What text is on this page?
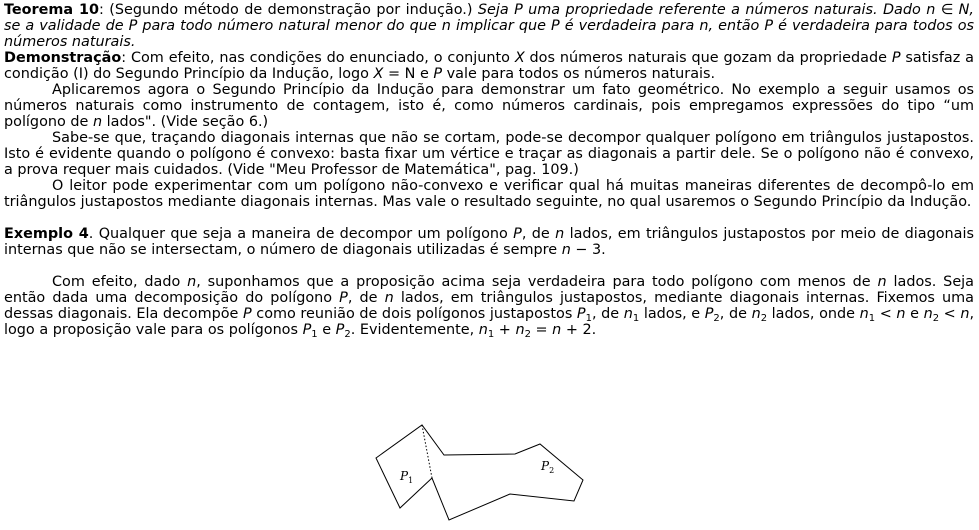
Teorema 10: (Segundo método de demonstração por indução.) Seja P uma propriedade referente a números naturais. Dado n ∈ N, se a validade de P para todo número natural menor do que n implicar que P é verdadeira para n, então P é verdadeira para todos os números naturais.

Demonstração: Com efeito, nas condições do enunciado, o conjunto X dos números naturais que gozam da propriedade P satisfaz a condição (I) do Segundo Princípio da Indução, logo X = N e P vale para todos os números naturais.

Aplicaremos agora o Segundo Princípio da Indução para demonstrar um fato geométrico. No exemplo a seguir usamos os números naturais como instrumento de contagem, isto é, como números cardinais, pois empregamos expressões do tipo “um polígono de n lados". (Vide seção 6.)

Sabe-se que, traçando diagonais internas que não se cortam, pode-se decompor qualquer polígono em triângulos justapostos. Isto é evidente quando o polígono é convexo: basta fixar um vértice e traçar as diagonais a partir dele. Se o polígono não é convexo, a prova requer mais cuidados. (Vide "Meu Professor de Matemática", pag. 109.)

O leitor pode experimentar com um polígono não-convexo e verificar qual há muitas maneiras diferentes de decompô-lo em triângulos justapostos mediante diagonais internas. Mas vale o resultado seguinte, no qual usaremos o Segundo Princípio da Indução.

Exemplo 4. Qualquer que seja a maneira de decompor um polígono P, de n lados, em triângulos justapostos por meio de diagonais internas que não se intersectam, o número de diagonais utilizadas é sempre n − 3.

Com efeito, dado n, suponhamos que a proposição acima seja verdadeira para todo polígono com menos de n lados. Seja então dada uma decomposição do polígono P, de n lados, em triângulos justapostos, mediante diagonais internas. Fixemos uma dessas diagonais. Ela decompõe P como reunião de dois polígonos justapostos $P_1$, de $n_1$ lados, e $P_2$, de $n_2$ lados, onde $n_1 < n$ e $n_2 < n$, logo a proposição vale para os polígonos $P_1$ e $P_2$. Evidentemente, $n_1 + n_2 = n + 2$.

$P_1$
$P_2$
